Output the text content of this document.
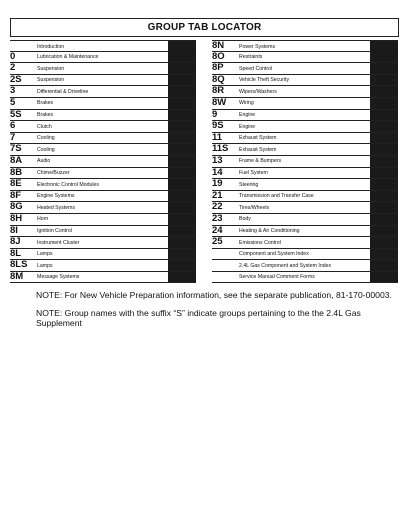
GROUP TAB LOCATOR
Introduction
0	Lubrication & Maintenance
2	Suspension
2S	Suspension
3	Differential & Driveline
5	Brakes
5S	Brakes
6	Clutch
7	Cooling
7S	Cooling
8A	Audio
8B	Chime/Buzzer
8E	Electronic Control Modules
8F	Engine Systems
8G	Heated Systems
8H	Horn
8I	Ignition Control
8J	Instrument Cluster
8L	Lamps
8LS	Lamps
8M	Message Systems
8N	Power Systems
8O	Restraints
8P	Speed Control
8Q	Vehicle Theft Security
8R	Wipers/Washers
8W	Wiring
9	Engine
9S	Engine
11	Exhaust System
11S	Exhaust System
13	Frame & Bumpers
14	Fuel System
19	Steering
21	Transmission and Transfer Case
22	Tires/Wheels
23	Body
24	Heating & Air Conditioning
25	Emissions Control
Component and System Index
2.4L Gas Component and System Index
Service Manual Comment Forms

NOTE: For New Vehicle Preparation information, see the separate publication, 81-170-00003.

NOTE: Group names with the suffix “S” indicate groups pertaining to the the 2.4L Gas Supplement
